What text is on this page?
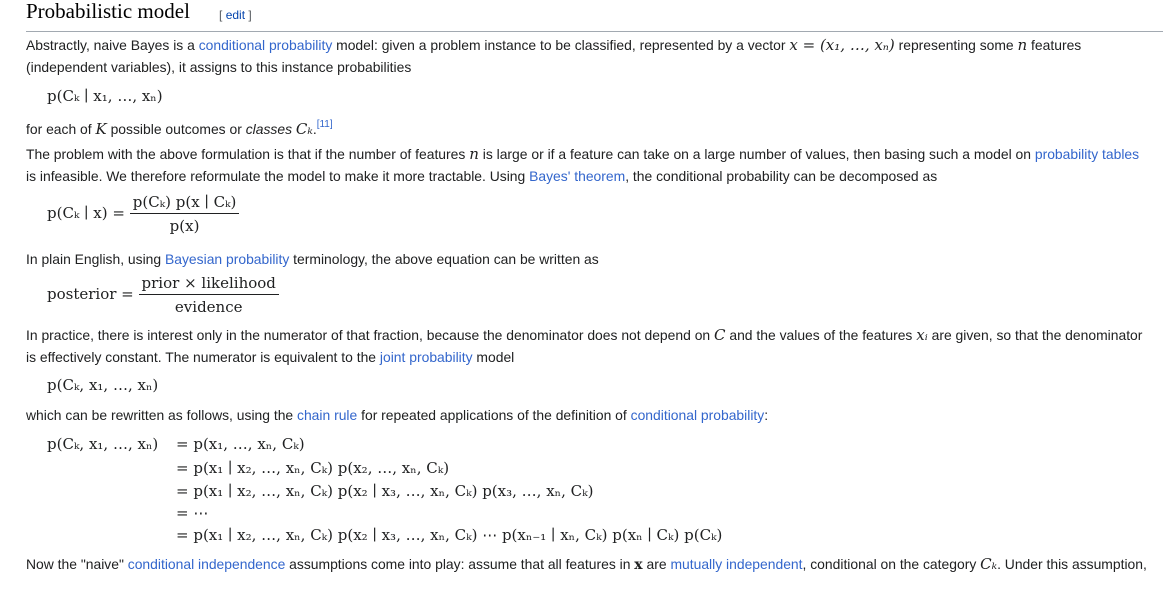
Probabilistic model [ edit ]
Abstractly, naive Bayes is a conditional probability model: given a problem instance to be classified, represented by a vector x = (x₁, …, xₙ) representing some n features (independent variables), it assigns to this instance probabilities
p(Cₖ ∣ x₁, …, xₙ)
for each of K possible outcomes or classes Cₖ.[11]
The problem with the above formulation is that if the number of features n is large or if a feature can take on a large number of values, then basing such a model on probability tables is infeasible. We therefore reformulate the model to make it more tractable. Using Bayes' theorem, the conditional probability can be decomposed as
p(Cₖ ∣ $x) = \frac{\text{p(Cₖ) p(x ∣ Cₖ)}}{p(x)}$
In plain English, using Bayesian probability terminology, the above equation can be written as
posterior = $\frac{\text{prior × likelihood}}{\text{evidence}}$
In practice, there is interest only in the numerator of that fraction, because the denominator does not depend on C and the values of the features xᵢ are given, so that the denominator is effectively constant. The numerator is equivalent to the joint probability model
p(Cₖ, x₁, …, xₙ)
which can be rewritten as follows, using the chain rule for repeated applications of the definition of conditional probability:
p(Cₖ, x₁, …, xₙ) = p(x₁, …, xₙ, Cₖ)
= p(x₁ ∣ x₂, …, xₙ, Cₖ) p(x₂, …, xₙ, Cₖ)
= p(x₁ ∣ x₂, …, xₙ, Cₖ) p(x₂ ∣ x₃, …, xₙ, Cₖ) p(x₃, …, xₙ, Cₖ)
= ⋯
= p(x₁ ∣ x₂, …, xₙ, Cₖ) p(x₂ ∣ x₃, …, xₙ, Cₖ) ⋯ p(xₙ₋₁ ∣ xₙ, Cₖ) p(xₙ ∣ Cₖ) p(Cₖ)
Now the "naive" conditional independence assumptions come into play: assume that all features in x are mutually independent, conditional on the category Cₖ. Under this assumption,
